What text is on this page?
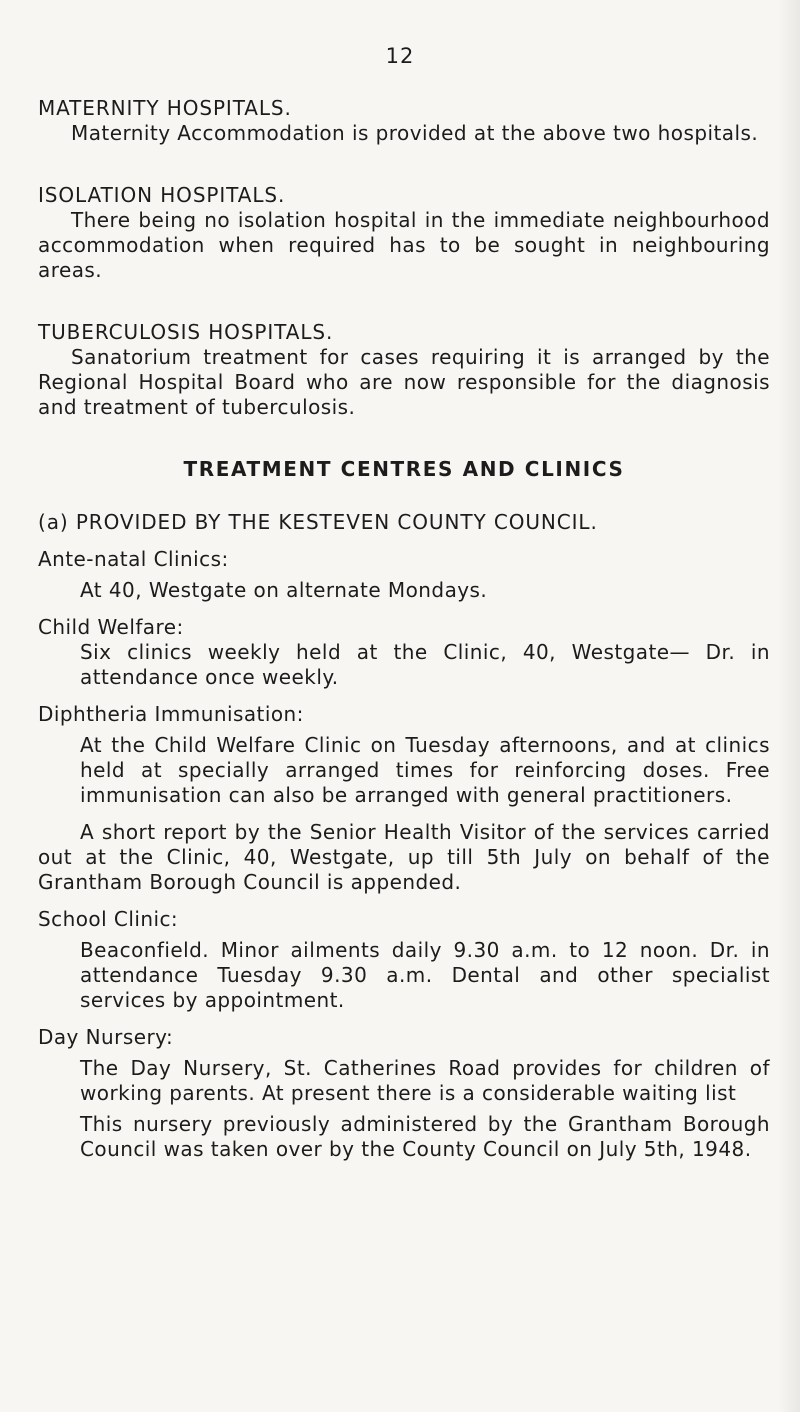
12
MATERNITY HOSPITALS.

Maternity Accommodation is provided at the above two hospitals.

ISOLATION HOSPITALS.

There being no isolation hospital in the immediate neighbourhood accommodation when required has to be sought in neighbouring areas.

TUBERCULOSIS HOSPITALS.

Sanatorium treatment for cases requiring it is arranged by the Regional Hospital Board who are now responsible for the diagnosis and treatment of tuberculosis.

TREATMENT CENTRES AND CLINICS
(a) PROVIDED BY THE KESTEVEN COUNTY COUNCIL.

Ante-natal Clinics:

At 40, Westgate on alternate Mondays.

Child Welfare:

Six clinics weekly held at the Clinic, 40, Westgate— Dr. in attendance once weekly.

Diphtheria Immunisation:

At the Child Welfare Clinic on Tuesday afternoons, and at clinics held at specially arranged times for reinforcing doses. Free immunisation can also be arranged with general practitioners.

A short report by the Senior Health Visitor of the services carried out at the Clinic, 40, Westgate, up till 5th July on behalf of the Grantham Borough Council is appended.

School Clinic:

Beaconfield. Minor ailments daily 9.30 a.m. to 12 noon. Dr. in attendance Tuesday 9.30 a.m. Dental and other specialist services by appointment.

Day Nursery:

The Day Nursery, St. Catherines Road provides for children of working parents. At present there is a considerable waiting list

This nursery previously administered by the Grantham Borough Council was taken over by the County Council on July 5th, 1948.
